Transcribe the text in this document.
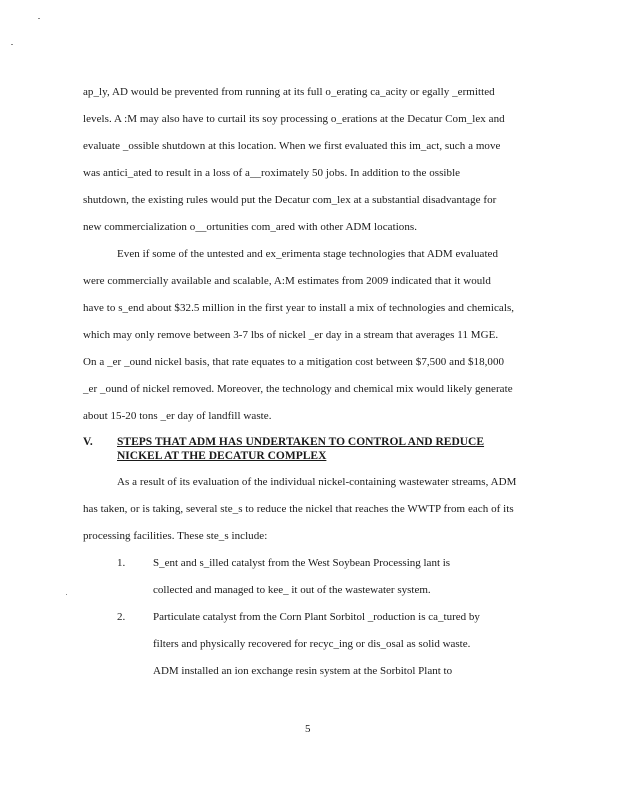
ap_ly, AD would be prevented from running at its full o_erating ca_acity or egally _ermitted
levels. A :M may also have to curtail its soy processing o_erations at the Decatur Com_lex and
evaluate _ossible shutdown at this location. When we first evaluated this im_act, such a move
was antici_ated to result in a loss of a__roximately 50 jobs. In addition to the ossible
shutdown, the existing rules would put the Decatur com_lex at a substantial disadvantage for
new commercialization o__ortunities com_ared with other ADM locations.
Even if some of the untested and ex_erimenta stage technologies that ADM evaluated
were commercially available and scalable, A:M estimates from 2009 indicated that it would
have to s_end about $32.5 million in the first year to install a mix of technologies and chemicals,
which may only remove between 3-7 lbs of nickel _er day in a stream that averages 11 MGE.
On a _er _ound nickel basis, that rate equates to a mitigation cost between $7,500 and $18,000
_er _ound of nickel removed. Moreover, the technology and chemical mix would likely generate
about 15-20 tons _er day of landfill waste.
V. STEPS THAT ADM HAS UNDERTAKEN TO CONTROL AND REDUCE
NICKEL AT THE DECATUR COMPLEX
As a result of its evaluation of the individual nickel-containing wastewater streams, ADM
has taken, or is taking, several ste_s to reduce the nickel that reaches the WWTP from each of its
processing facilities. These ste_s include:
1.	S_ent and s_illed catalyst from the West Soybean Processing lant is
collected and managed to kee_ it out of the wastewater system.
2.	Particulate catalyst from the Corn Plant Sorbitol _roduction is ca_tured by
filters and physically recovered for recyc_ing or dis_osal as solid waste.
ADM installed an ion exchange resin system at the Sorbitol Plant to
5
